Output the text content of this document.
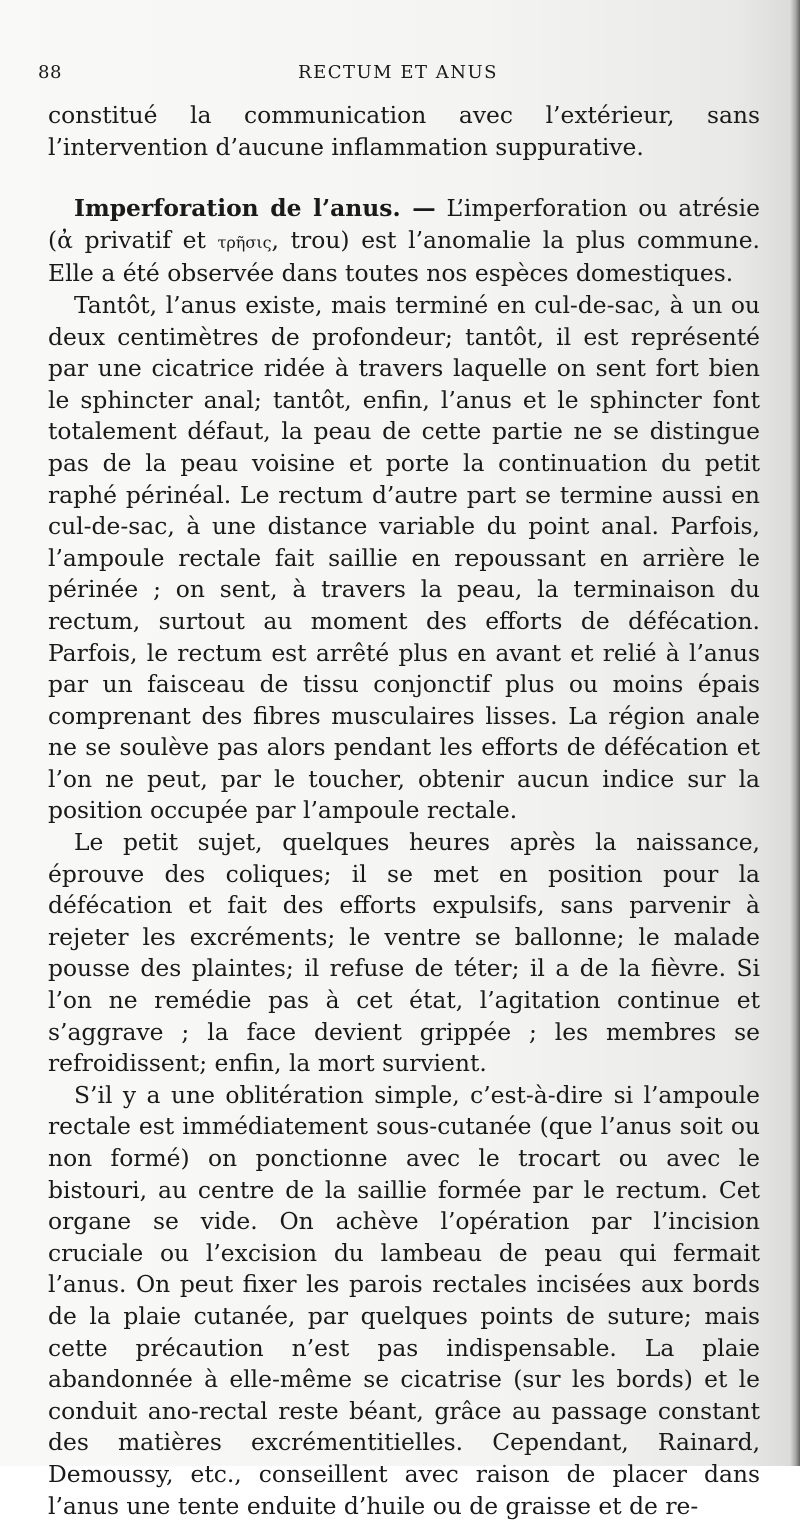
88	RECTUM ET ANUS

constitué la communication avec l’extérieur, sans l’intervention d’aucune inflammation suppurative.

Imperforation de l’anus. — L’imperforation ou atrésie (ἀ privatif et τρῆσις, trou) est l’anomalie la plus commune. Elle a été observée dans toutes nos espèces domestiques.

Tantôt, l’anus existe, mais terminé en cul-de-sac, à un ou deux centimètres de profondeur; tantôt, il est représenté par une cicatrice ridée à travers laquelle on sent fort bien le sphincter anal; tantôt, enfin, l’anus et le sphincter font totalement défaut, la peau de cette partie ne se distingue pas de la peau voisine et porte la continuation du petit raphé périnéal. Le rectum d’autre part se termine aussi en cul-de-sac, à une distance variable du point anal. Parfois, l’ampoule rectale fait saillie en repoussant en arrière le périnée ; on sent, à travers la peau, la terminaison du rectum, surtout au moment des efforts de défécation. Parfois, le rectum est arrêté plus en avant et relié à l’anus par un faisceau de tissu conjonctif plus ou moins épais comprenant des fibres musculaires lisses. La région anale ne se soulève pas alors pendant les efforts de défécation et l’on ne peut, par le toucher, obtenir aucun indice sur la position occupée par l’ampoule rectale.

Le petit sujet, quelques heures après la naissance, éprouve des coliques; il se met en position pour la défécation et fait des efforts expulsifs, sans parvenir à rejeter les excréments; le ventre se ballonne; le malade pousse des plaintes; il refuse de téter; il a de la fièvre. Si l’on ne remédie pas à cet état, l’agitation continue et s’aggrave ; la face devient grippée ; les membres se refroidissent; enfin, la mort survient.

S’il y a une oblitération simple, c’est-à-dire si l’ampoule rectale est immédiatement sous-cutanée (que l’anus soit ou non formé) on ponctionne avec le trocart ou avec le bistouri, au centre de la saillie formée par le rectum. Cet organe se vide. On achève l’opération par l’incision cruciale ou l’excision du lambeau de peau qui fermait l’anus. On peut fixer les parois rectales incisées aux bords de la plaie cutanée, par quelques points de suture; mais cette précaution n’est pas indispensable. La plaie abandonnée à elle-même se cicatrise (sur les bords) et le conduit ano-rectal reste béant, grâce au passage constant des matières excrémentitielles. Cependant, Rainard, Demoussy, etc., conseillent avec raison de placer dans l’anus une tente enduite d’huile ou de graisse et de re-
